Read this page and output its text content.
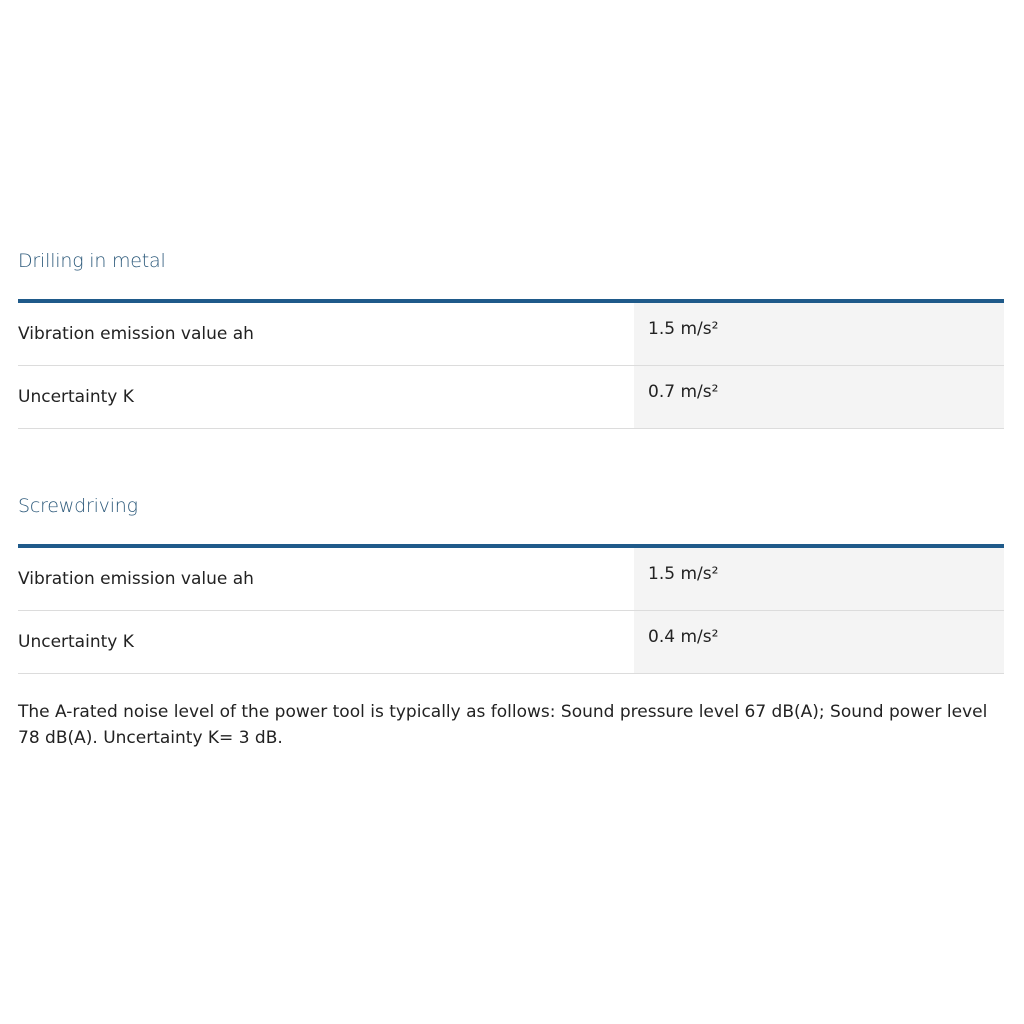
Drilling in metal
Vibration emission value ah	1.5 m/s²
Uncertainty K	0.7 m/s²
Screwdriving
Vibration emission value ah	1.5 m/s²
Uncertainty K	0.4 m/s²

The A-rated noise level of the power tool is typically as follows: Sound pressure level 67 dB(A); Sound power level 78 dB(A). Uncertainty K= 3 dB.
